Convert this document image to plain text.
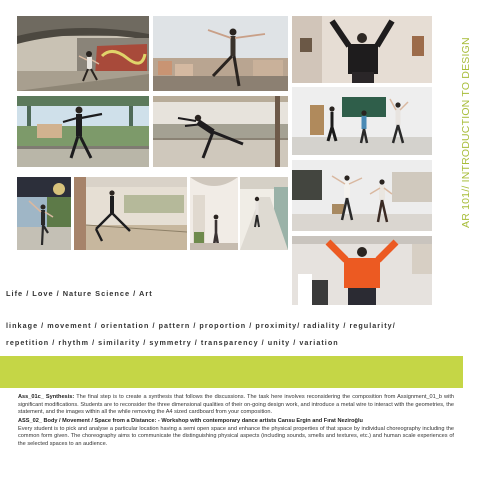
AR 101// INTRODUCTION TO DESIGN
Life / Love / Nature Science / Art
linkage / movement / orientation / pattern / proportion / proximity/ radiality / regularity/
repetition / rhythm / similarity / symmetry / transparency / unity / variation

Ass_01c_ Synthesis: The final step is to create a synthesis that follows the discussions. The task here involves reconsidering the composition from Assignment_01_b with significant modifications. Students are to reconsider the three dimensional qualities of their on-going design work, and introduce a metal wire to interact with the geometries, the statement, and the images within all the while removing the A4 sized cardboard from your composition.

ASS_02_ Body / Movement / Space from a Distance: - Workshop with contemporary dance artists Cansu Ergin and Fırat Neziroğlu
Every student is to pick and analyse a particular location having a semi open space and enhance the physical properties of that space by individual choreography including the common form given. The choreography aims to communicate the distinguishing physical aspects (including sounds, smells and textures, etc.) and human scale experiences of the selected spaces to an audience.
